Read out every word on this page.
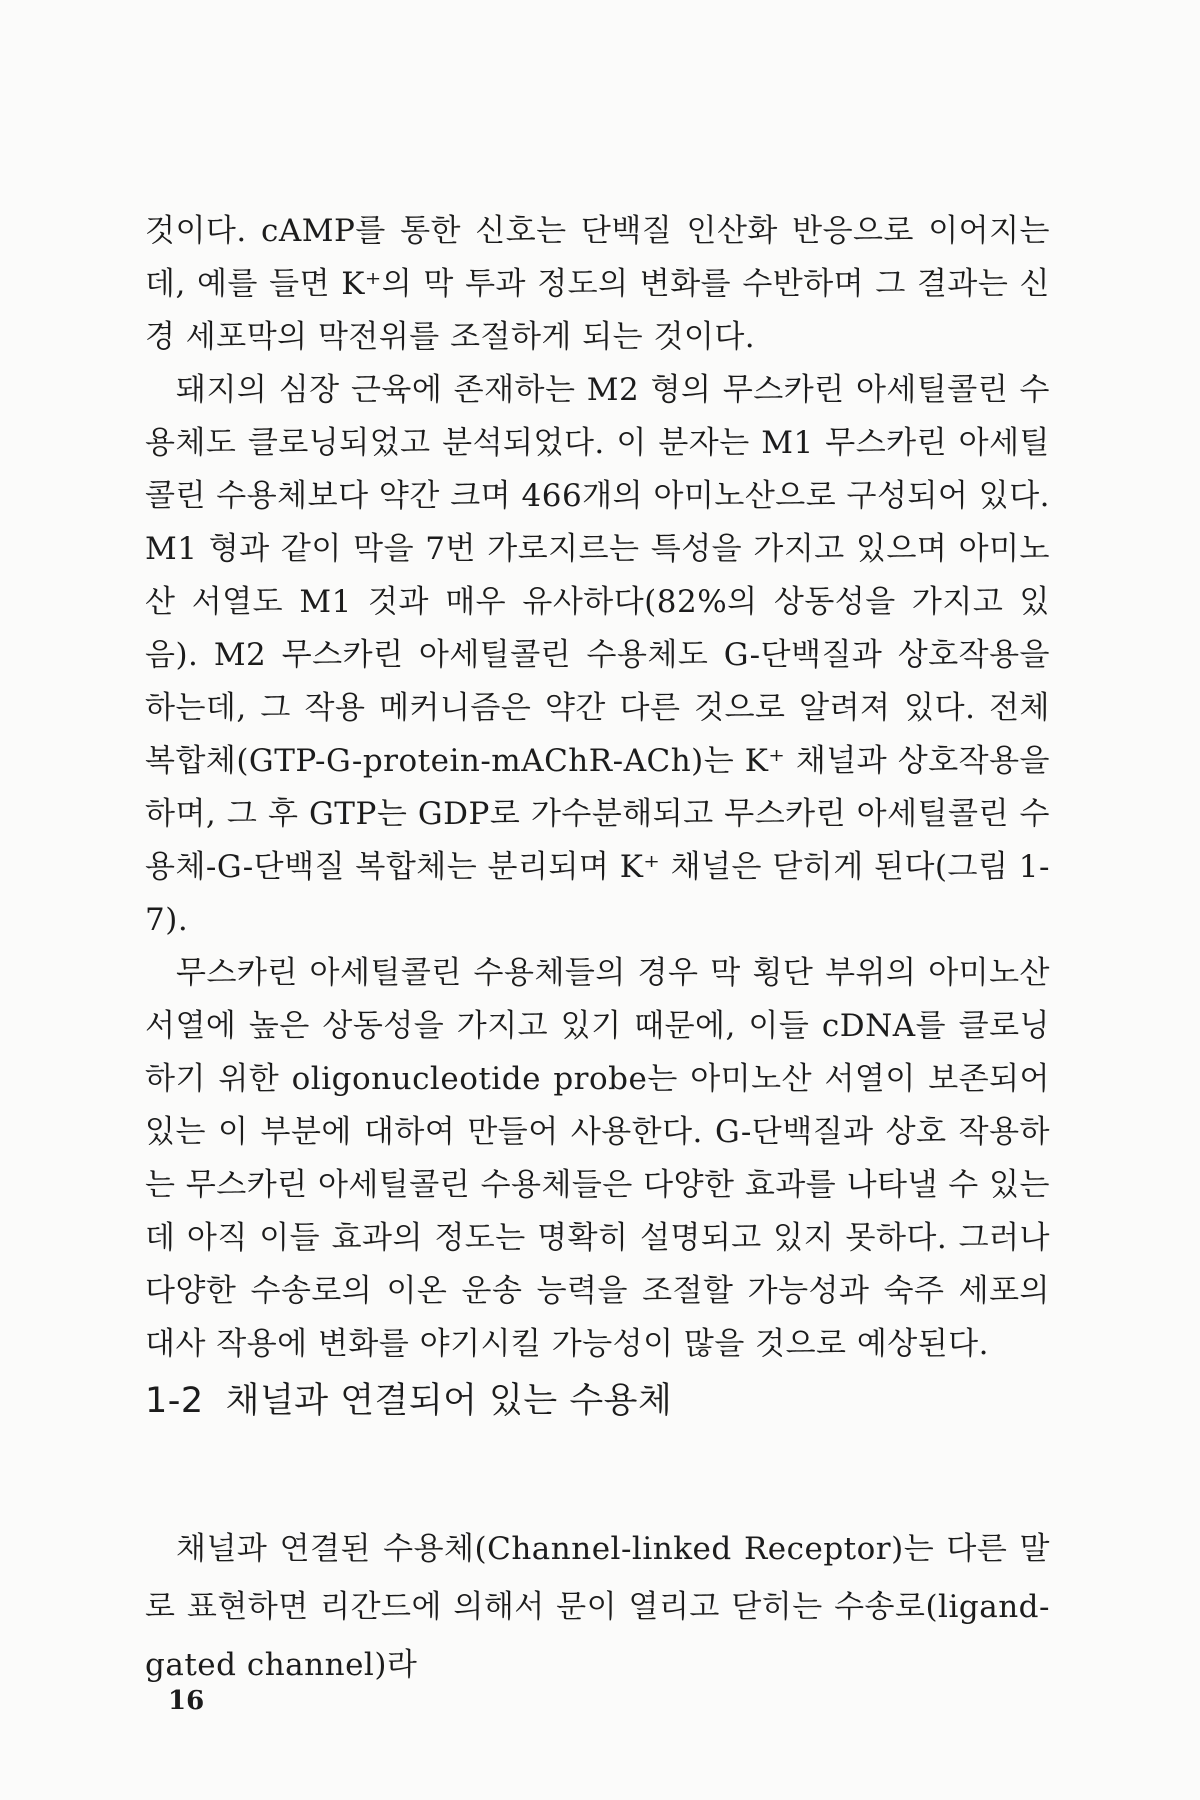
것이다. cAMP를 통한 신호는 단백질 인산화 반응으로 이어지는데, 예를 들면 K⁺의 막 투과 정도의 변화를 수반하며 그 결과는 신경 세포막의 막전위를 조절하게 되는 것이다.

돼지의 심장 근육에 존재하는 M2 형의 무스카린 아세틸콜린 수용체도 클로닝되었고 분석되었다. 이 분자는 M1 무스카린 아세틸콜린 수용체보다 약간 크며 466개의 아미노산으로 구성되어 있다. M1 형과 같이 막을 7번 가로지르는 특성을 가지고 있으며 아미노산 서열도 M1 것과 매우 유사하다(82%의 상동성을 가지고 있음). M2 무스카린 아세틸콜린 수용체도 G-단백질과 상호작용을 하는데, 그 작용 메커니즘은 약간 다른 것으로 알려져 있다. 전체 복합체(GTP-G-protein-mAChR-ACh)는 K⁺ 채널과 상호작용을 하며, 그 후 GTP는 GDP로 가수분해되고 무스카린 아세틸콜린 수용체-G-단백질 복합체는 분리되며 K⁺ 채널은 닫히게 된다(그림 1-7).

무스카린 아세틸콜린 수용체들의 경우 막 횡단 부위의 아미노산 서열에 높은 상동성을 가지고 있기 때문에, 이들 cDNA를 클로닝하기 위한 oligonucleotide probe는 아미노산 서열이 보존되어 있는 이 부분에 대하여 만들어 사용한다. G-단백질과 상호 작용하는 무스카린 아세틸콜린 수용체들은 다양한 효과를 나타낼 수 있는데 아직 이들 효과의 정도는 명확히 설명되고 있지 못하다. 그러나 다양한 수송로의 이온 운송 능력을 조절할 가능성과 숙주 세포의 대사 작용에 변화를 야기시킬 가능성이 많을 것으로 예상된다.

1-2 채널과 연결되어 있는 수용체

채널과 연결된 수용체(Channel-linked Receptor)는 다른 말로 표현하면 리간드에 의해서 문이 열리고 닫히는 수송로(ligand-gated channel)라

16
